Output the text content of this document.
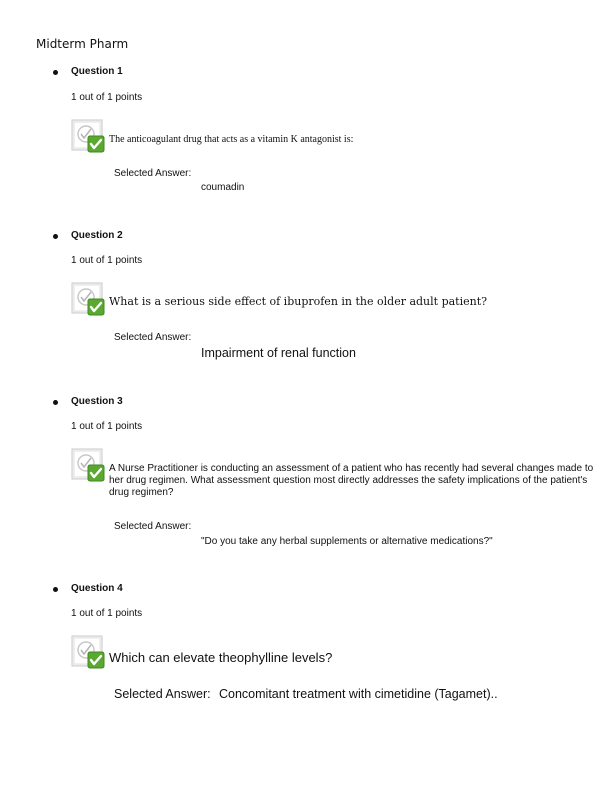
Midterm Pharm
Question 1
1 out of 1 points
The anticoagulant drug that acts as a vitamin K antagonist is:
Selected Answer:
coumadin
Question 2
1 out of 1 points
What is a serious side effect of ibuprofen in the older adult patient?
Selected Answer:
Impairment of renal function
Question 3
1 out of 1 points
A Nurse Practitioner is conducting an assessment of a patient who has recently had several changes made to her drug regimen. What assessment question most directly addresses the safety implications of the patient's drug regimen?
Selected Answer:
"Do you take any herbal supplements or alternative medications?"
Question 4
1 out of 1 points
Which can elevate theophylline levels?
Selected Answer: Concomitant treatment with cimetidine (Tagamet)..
